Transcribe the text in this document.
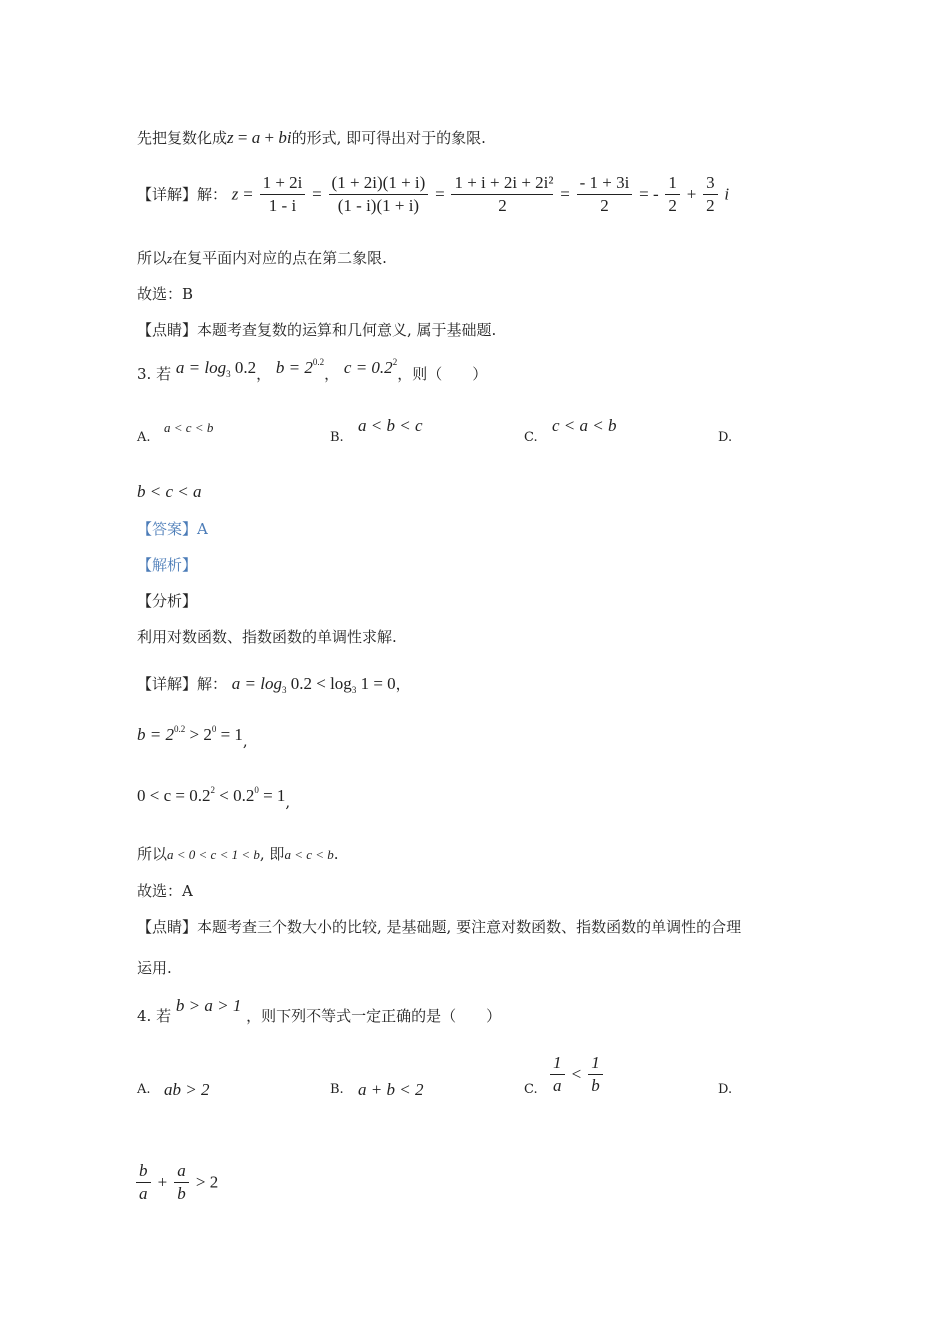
先把复数化成z = a + bi的形式, 即可得出对于的象限.
【详解】解： $z = \frac{1 + 2i}{1 - i} = \frac{(1 + 2i)(1 + i)}{(1 - i)(1 + i)} = \frac{\text{1 + i + 2i + 2i²}}{2} = \frac{- 1 + 3i}{2}$ = - $\frac{1}{2} + \frac{3}{2}$ i
所以z在复平面内对应的点在第二象限.
故选：B
【点睛】本题考查复数的运算和几何意义, 属于基础题.
3. 若 $a = \log_3 0.2$， $b = 2^{0.2}$， $c = 0.2^2$，则（　　）
A.
a < c < b
B.
a < b < c
C.
c < a < b
D.
b < c < a
【答案】A
【解析】
【分析】
利用对数函数、指数函数的单调性求解.
【详解】解： $a = \log_3 0.2 < \log_3 1 = 0$，
$b = 2^{0.2} > 2^0 = 1$,
$0 < c = 0.2^2 < 0.2^0 = 1$,
所以a < 0 < c < 1 < b, 即a < c < b.
故选：A
【点睛】本题考查三个数大小的比较, 是基础题, 要注意对数函数、指数函数的单调性的合理
运用.
4. 若 b > a > 1 ，则下列不等式一定正确的是（　　）
A. ab > 2	B. a + b < 2	C. $\frac{1}{a} < \frac{1}{b}$	D.
$\frac{b}{a} + \frac{a}{b} > 2$
